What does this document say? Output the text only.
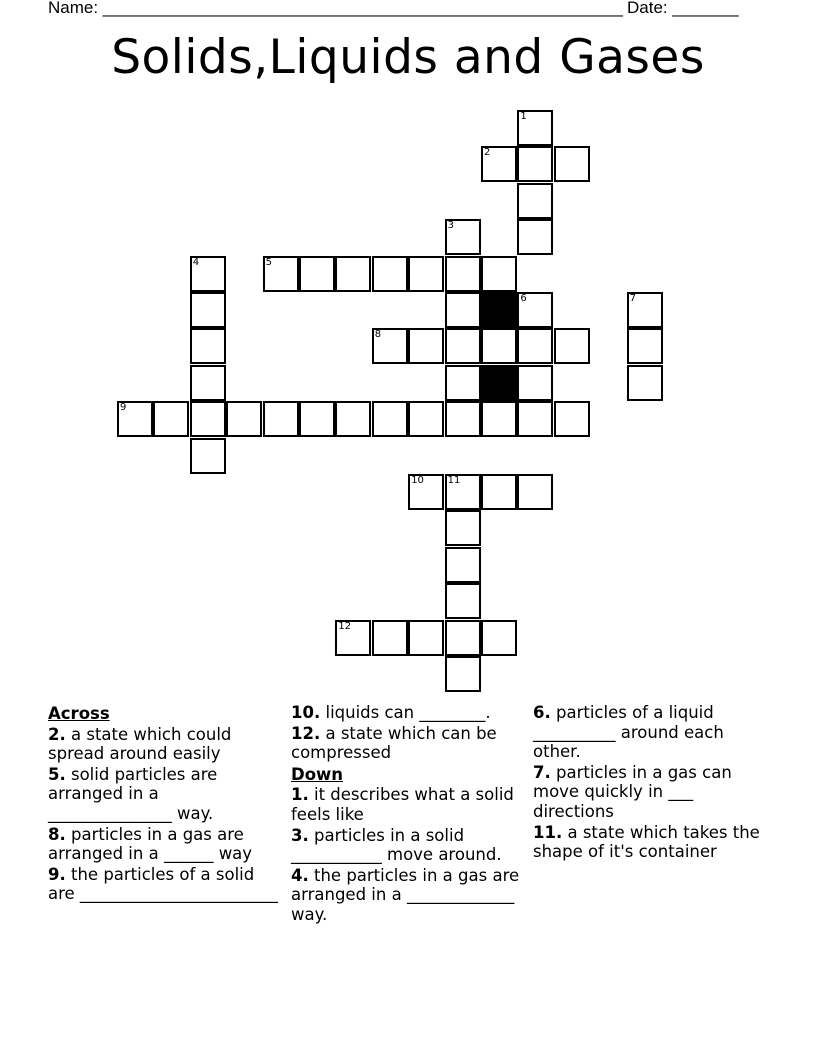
Name: _______________________________________________________ Date: _______
Solids,Liquids and Gases
1
2
3
4	5
6	7
8
9
10 11
12
Across
2. a state which could spread around easily
5. solid particles are arranged in a _______________ way.
8. particles in a gas are arranged in a ______ way
9. the particles of a solid are ________________________
10. liquids can ________.
12. a state which can be compressed
Down
1. it describes what a solid feels like
3. particles in a solid ___________ move around.
4. the particles in a gas are arranged in a _____________ way.
6. particles of a liquid __________ around each other.
7. particles in a gas can move quickly in ___ directions
11. a state which takes the shape of it's container
